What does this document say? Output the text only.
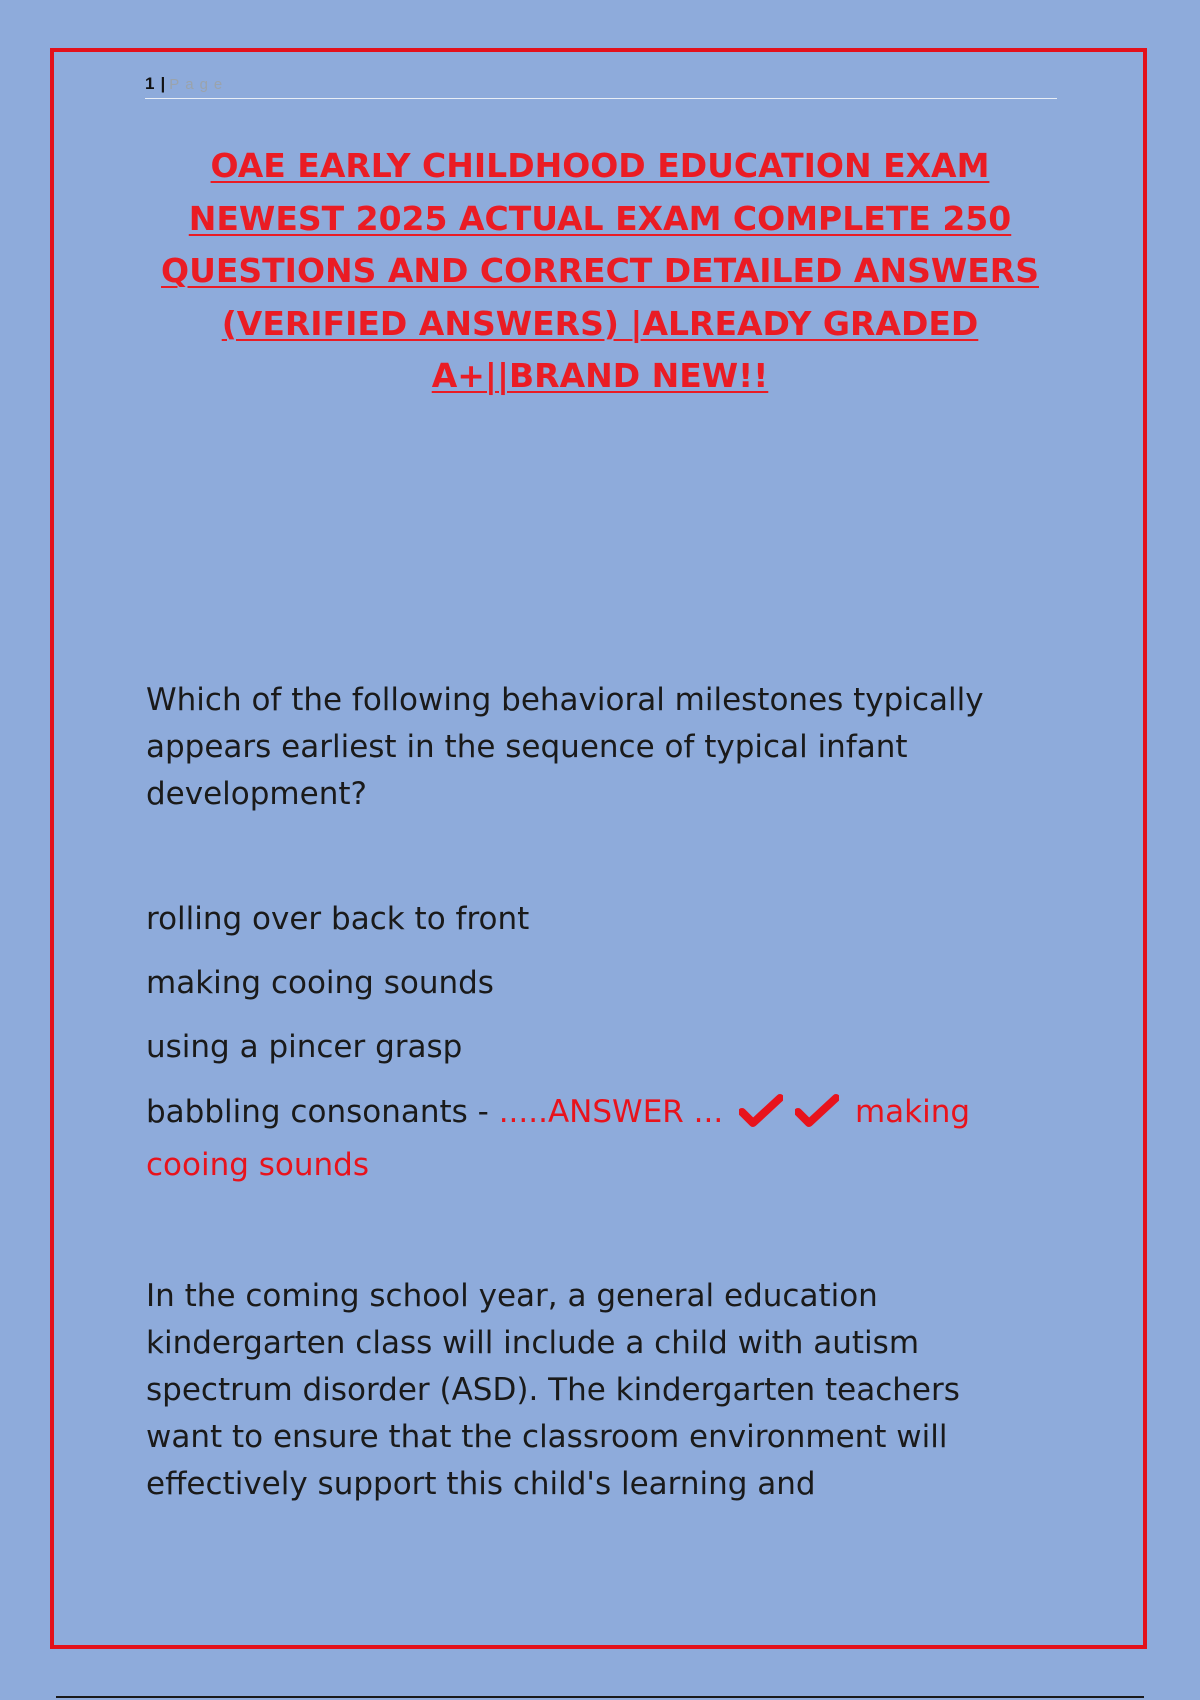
1 | Page
OAE EARLY CHILDHOOD EDUCATION EXAM
NEWEST 2025 ACTUAL EXAM COMPLETE 250
QUESTIONS AND CORRECT DETAILED ANSWERS
(VERIFIED ANSWERS) |ALREADY GRADED
A+||BRAND NEW!!
Which of the following behavioral milestones typically
appears earliest in the sequence of typical infant
development?
rolling over back to front
making cooing sounds
using a pincer grasp
babbling consonants - .....ANSWER ...	making
cooing sounds
In the coming school year, a general education
kindergarten class will include a child with autism
spectrum disorder (ASD). The kindergarten teachers
want to ensure that the classroom environment will
effectively support this child's learning and
